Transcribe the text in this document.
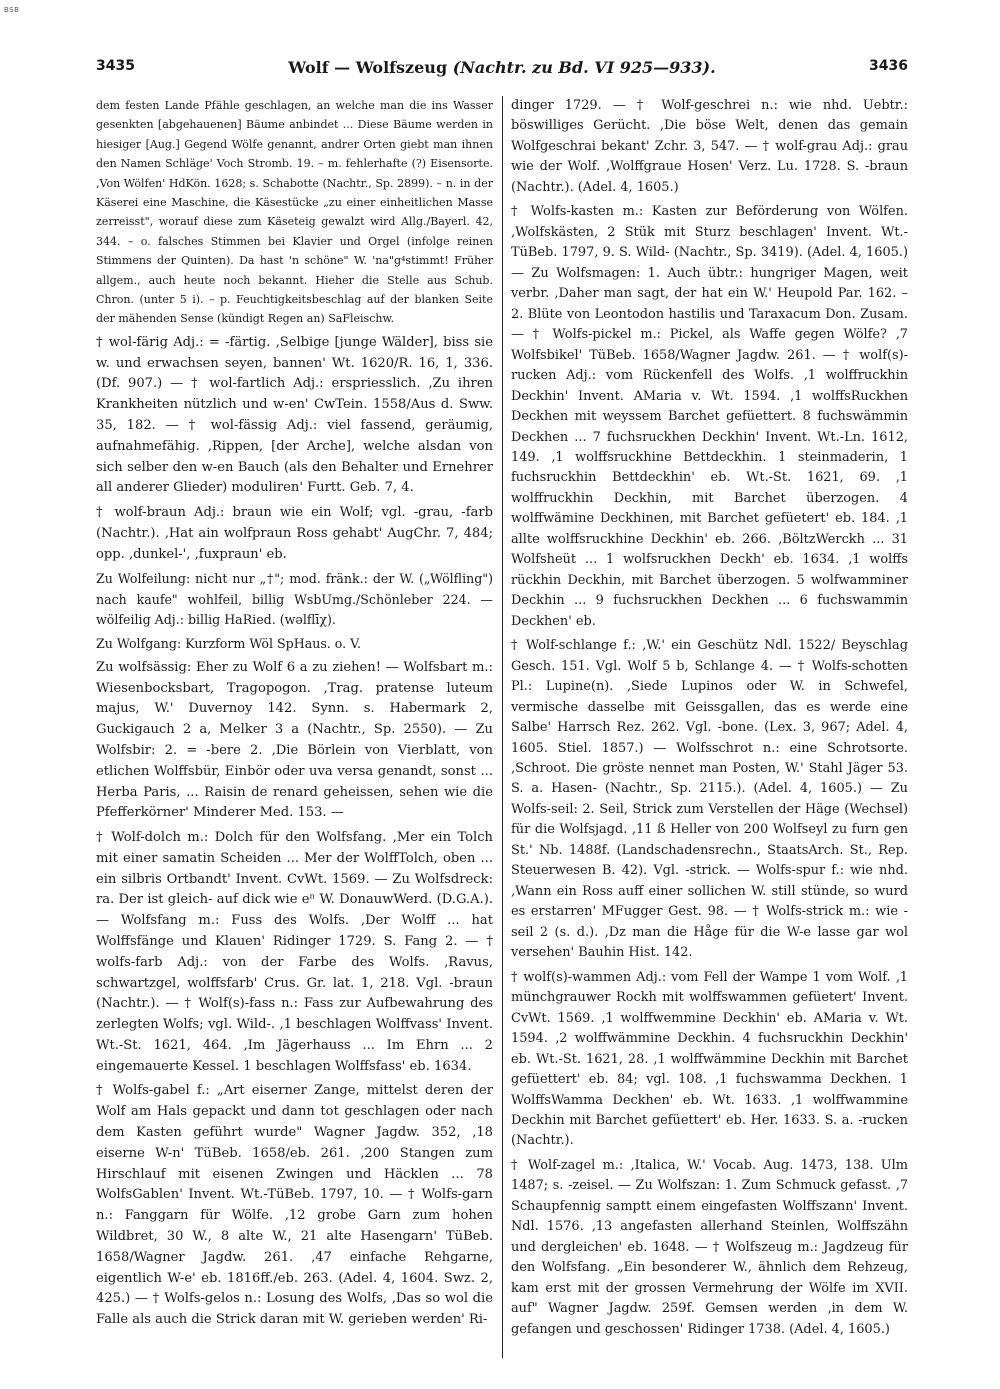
BSB
3435	Wolf — Wolfszeug (Nachtr. zu Bd. VI 925—933).	3436

dem festen Lande Pfähle geschlagen, an welche man die ins Wasser gesenkten [abgehauenen] Bäume anbindet ... Diese Bäume werden in hiesiger [Aug.] Gegend Wölfe genannt, andrer Orten giebt man ihnen den Namen Schläge' Voch Stromb. 19. – m. fehlerhafte (?) Eisensorte. ‚Von Wölfen' HdKön. 1628; s. Schabotte (Nachtr., Sp. 2899). – n. in der Käserei eine Maschine, die Käsestücke „zu einer einheitlichen Masse zerreisst", worauf diese zum Käseteig gewalzt wird Allg./Bayerl. 42, 344. – o. falsches Stimmen bei Klavier und Orgel (infolge reinen Stimmens der Quinten). Da hast 'n schöne" W. 'na"g⁴stimmt! Früher allgem., auch heute noch bekannt. Hieher die Stelle aus Schub. Chron. (unter 5 i). – p. Feuchtigkeitsbeschlag auf der blanken Seite der mähenden Sense (kündigt Regen an) SaFleischw.

† wol-färig Adj.: = -färtig. ‚Selbige [junge Wälder], biss sie w. und erwachsen seyen, bannen' Wt. 1620/R. 16, 1, 336. (Df. 907.) — † wol-fartlich Adj.: erspriesslich. ‚Zu ihren Krankheiten nützlich und w-en' CwTein. 1558/Aus d. Sww. 35, 182. — † wol-fässig Adj.: viel fassend, geräumig, aufnahmefähig. ‚Rippen, [der Arche], welche alsdan von sich selber den w-en Bauch (als den Behalter und Ernehrer all anderer Glieder) moduliren' Furtt. Geb. 7, 4.

† wolf-braun Adj.: braun wie ein Wolf; vgl. -grau, -farb (Nachtr.). ‚Hat ain wolfpraun Ross gehabt' AugChr. 7, 484; opp. ‚dunkel-', ‚fuxpraun' eb.

Zu Wolfeilung: nicht nur „†"; mod. fränk.: der W. („Wölfling") nach kaufe" wohlfeil, billig WsbUmg./Schönleber 224. — wölfeilig Adj.: billig HaRied. (wəlflīχ).

Zu Wolfgang: Kurzform Wöl SpHaus. o. V.

Zu wolfsässig: Eher zu Wolf 6 a zu ziehen! — Wolfsbart m.: Wiesenbocksbart, Tragopogon. ‚Trag. pratense luteum majus, W.' Duvernoy 142. Synn. s. Habermark 2, Guckigauch 2 a, Melker 3 a (Nachtr., Sp. 2550). — Zu Wolfsbir: 2. = -bere 2. ‚Die Börlein von Vierblatt, von etlichen Wolffsbür, Einbör oder uva versa genandt, sonst ... Herba Paris, ... Raisin de renard geheissen, sehen wie die Pfefferkörner' Minderer Med. 153. —

† Wolf-dolch m.: Dolch für den Wolfsfang. ‚Mer ein Tolch mit einer samatin Scheiden ... Mer der WolffTolch, oben ... ein silbris Ortbandt' Invent. CvWt. 1569. — Zu Wolfsdreck: ra. Der ist gleich- auf dick wie eⁿ W. DonauwWerd. (D.G.A.). — Wolfsfang m.: Fuss des Wolfs. ‚Der Wolff ... hat Wolffsfänge und Klauen' Ridinger 1729. S. Fang 2. — † wolfs-farb Adj.: von der Farbe des Wolfs. ‚Ravus, schwartzgel, wolffsfarb' Crus. Gr. lat. 1, 218. Vgl. -braun (Nachtr.). — † Wolf(s)-fass n.: Fass zur Aufbewahrung des zerlegten Wolfs; vgl. Wild-. ‚1 beschlagen Wolffvass' Invent. Wt.-St. 1621, 464. ‚Im Jägerhauss ... Im Ehrn ... 2 eingemauerte Kessel. 1 beschlagen Wolffsfass' eb. 1634.

† Wolfs-gabel f.: „Art eiserner Zange, mittelst deren der Wolf am Hals gepackt und dann tot geschlagen oder nach dem Kasten geführt wurde" Wagner Jagdw. 352, ‚18 eiserne W-n' TüBeb. 1658/eb. 261. ‚200 Stangen zum Hirschlauf mit eisenen Zwingen und Häcklen ... 78 WolfsGablen' Invent. Wt.-TüBeb. 1797, 10. — † Wolfs-garn n.: Fanggarn für Wölfe. ‚12 grobe Garn zum hohen Wildbret, 30 W., 8 alte W., 21 alte Hasengarn' TüBeb. 1658/Wagner Jagdw. 261. ‚47 einfache Rehgarne, eigentlich W-e' eb. 1816ff./eb. 263. (Adel. 4, 1604. Swz. 2, 425.) — † Wolfs-gelos n.: Losung des Wolfs, ‚Das so wol die Falle als auch die Strick daran mit W. gerieben werden' Ri-

dinger 1729. — † Wolf-geschrei n.: wie nhd. Uebtr.: böswilliges Gerücht. ‚Die böse Welt, denen das gemain Wolfgeschrai bekant' Zchr. 3, 547. — † wolf-grau Adj.: grau wie der Wolf. ‚Wolffgraue Hosen' Verz. Lu. 1728. S. -braun (Nachtr.). (Adel. 4, 1605.)

† Wolfs-kasten m.: Kasten zur Beförderung von Wölfen. ‚Wolfskästen, 2 Stük mit Sturz beschlagen' Invent. Wt.-TüBeb. 1797, 9. S. Wild- (Nachtr., Sp. 3419). (Adel. 4, 1605.) — Zu Wolfsmagen: 1. Auch übtr.: hungriger Magen, weit verbr. ‚Daher man sagt, der hat ein W.' Heupold Par. 162. – 2. Blüte von Leontodon hastilis und Taraxacum Don. Zusam. — † Wolfs-pickel m.: Pickel, als Waffe gegen Wölfe? ‚7 Wolfsbikel' TüBeb. 1658/Wagner Jagdw. 261. — † wolf(s)-rucken Adj.: vom Rückenfell des Wolfs. ‚1 wolffruckhin Deckhin' Invent. AMaria v. Wt. 1594. ‚1 wolffsRuckhen Deckhen mit weyssem Barchet gefüettert. 8 fuchswämmin Deckhen ... 7 fuchsruckhen Deckhin' Invent. Wt.-Ln. 1612, 149. ‚1 wolffsruckhine Bettdeckhin. 1 steinmaderin, 1 fuchsruckhin Bettdeckhin' eb. Wt.-St. 1621, 69. ‚1 wolffruckhin Deckhin, mit Barchet überzogen. 4 wolffwämine Deckhinen, mit Barchet gefüetert' eb. 184. ‚1 allte wolffsruckhine Deckhin' eb. 266. ‚BöltzWerckh ... 31 Wolfsheüt ... 1 wolfsruckhen Deckh' eb. 1634. ‚1 wolffs rückhin Deckhin, mit Barchet überzogen. 5 wolfwamminer Deckhin ... 9 fuchsruckhen Deckhen ... 6 fuchswammin Deckhen' eb.

† Wolf-schlange f.: ‚W.' ein Geschütz Ndl. 1522/ Beyschlag Gesch. 151. Vgl. Wolf 5 b, Schlange 4. — † Wolfs-schotten Pl.: Lupine(n). ‚Siede Lupinos oder W. in Schwefel, vermische dasselbe mit Geissgallen, das es werde eine Salbe' Harrsch Rez. 262. Vgl. -bone. (Lex. 3, 967; Adel. 4, 1605. Stiel. 1857.) — Wolfsschrot n.: eine Schrotsorte. ‚Schroot. Die gröste nennet man Posten, W.' Stahl Jäger 53. S. a. Hasen- (Nachtr., Sp. 2115.). (Adel. 4, 1605.) — Zu Wolfs-seil: 2. Seil, Strick zum Verstellen der Häge (Wechsel) für die Wolfsjagd. ‚11 ß Heller von 200 Wolfseyl zu furn gen St.' Nb. 1488f. (Landschadensrechn., StaatsArch. St., Rep. Steuerwesen B. 42). Vgl. -strick. — Wolfs-spur f.: wie nhd. ‚Wann ein Ross auff einer sollichen W. still stünde, so wurd es erstarren' MFugger Gest. 98. — † Wolfs-strick m.: wie -seil 2 (s. d.). ‚Dz man die Håge für die W-e lasse gar wol versehen' Bauhin Hist. 142.

† wolf(s)-wammen Adj.: vom Fell der Wampe 1 vom Wolf. ‚1 münchgrauwer Rockh mit wolffswammen gefüetert' Invent. CvWt. 1569. ‚1 wolffwemmine Deckhin' eb. AMaria v. Wt. 1594. ‚2 wolffwämmine Deckhin. 4 fuchsruckhin Deckhin' eb. Wt.-St. 1621, 28. ‚1 wolffwämmine Deckhin mit Barchet gefüettert' eb. 84; vgl. 108. ‚1 fuchswamma Deckhen. 1 WolffsWamma Deckhen' eb. Wt. 1633. ‚1 wolffwammine Deckhin mit Barchet gefüettert' eb. Her. 1633. S. a. -rucken (Nachtr.).

† Wolf-zagel m.: ‚Italica, W.' Vocab. Aug. 1473, 138. Ulm 1487; s. -zeisel. — Zu Wolfszan: 1. Zum Schmuck gefasst. ‚7 Schaupfennig samptt einem eingefasten Wolffszann' Invent. Ndl. 1576. ‚13 angefasten allerhand Steinlen, Wolffszähn und dergleichen' eb. 1648. — † Wolfszeug m.: Jagdzeug für den Wolfsfang. „Ein besonderer W., ähnlich dem Rehzeug, kam erst mit der grossen Vermehrung der Wölfe im XVII. auf" Wagner Jagdw. 259f. Gemsen werden ‚in dem W. gefangen und geschossen' Ridinger 1738. (Adel. 4, 1605.)
